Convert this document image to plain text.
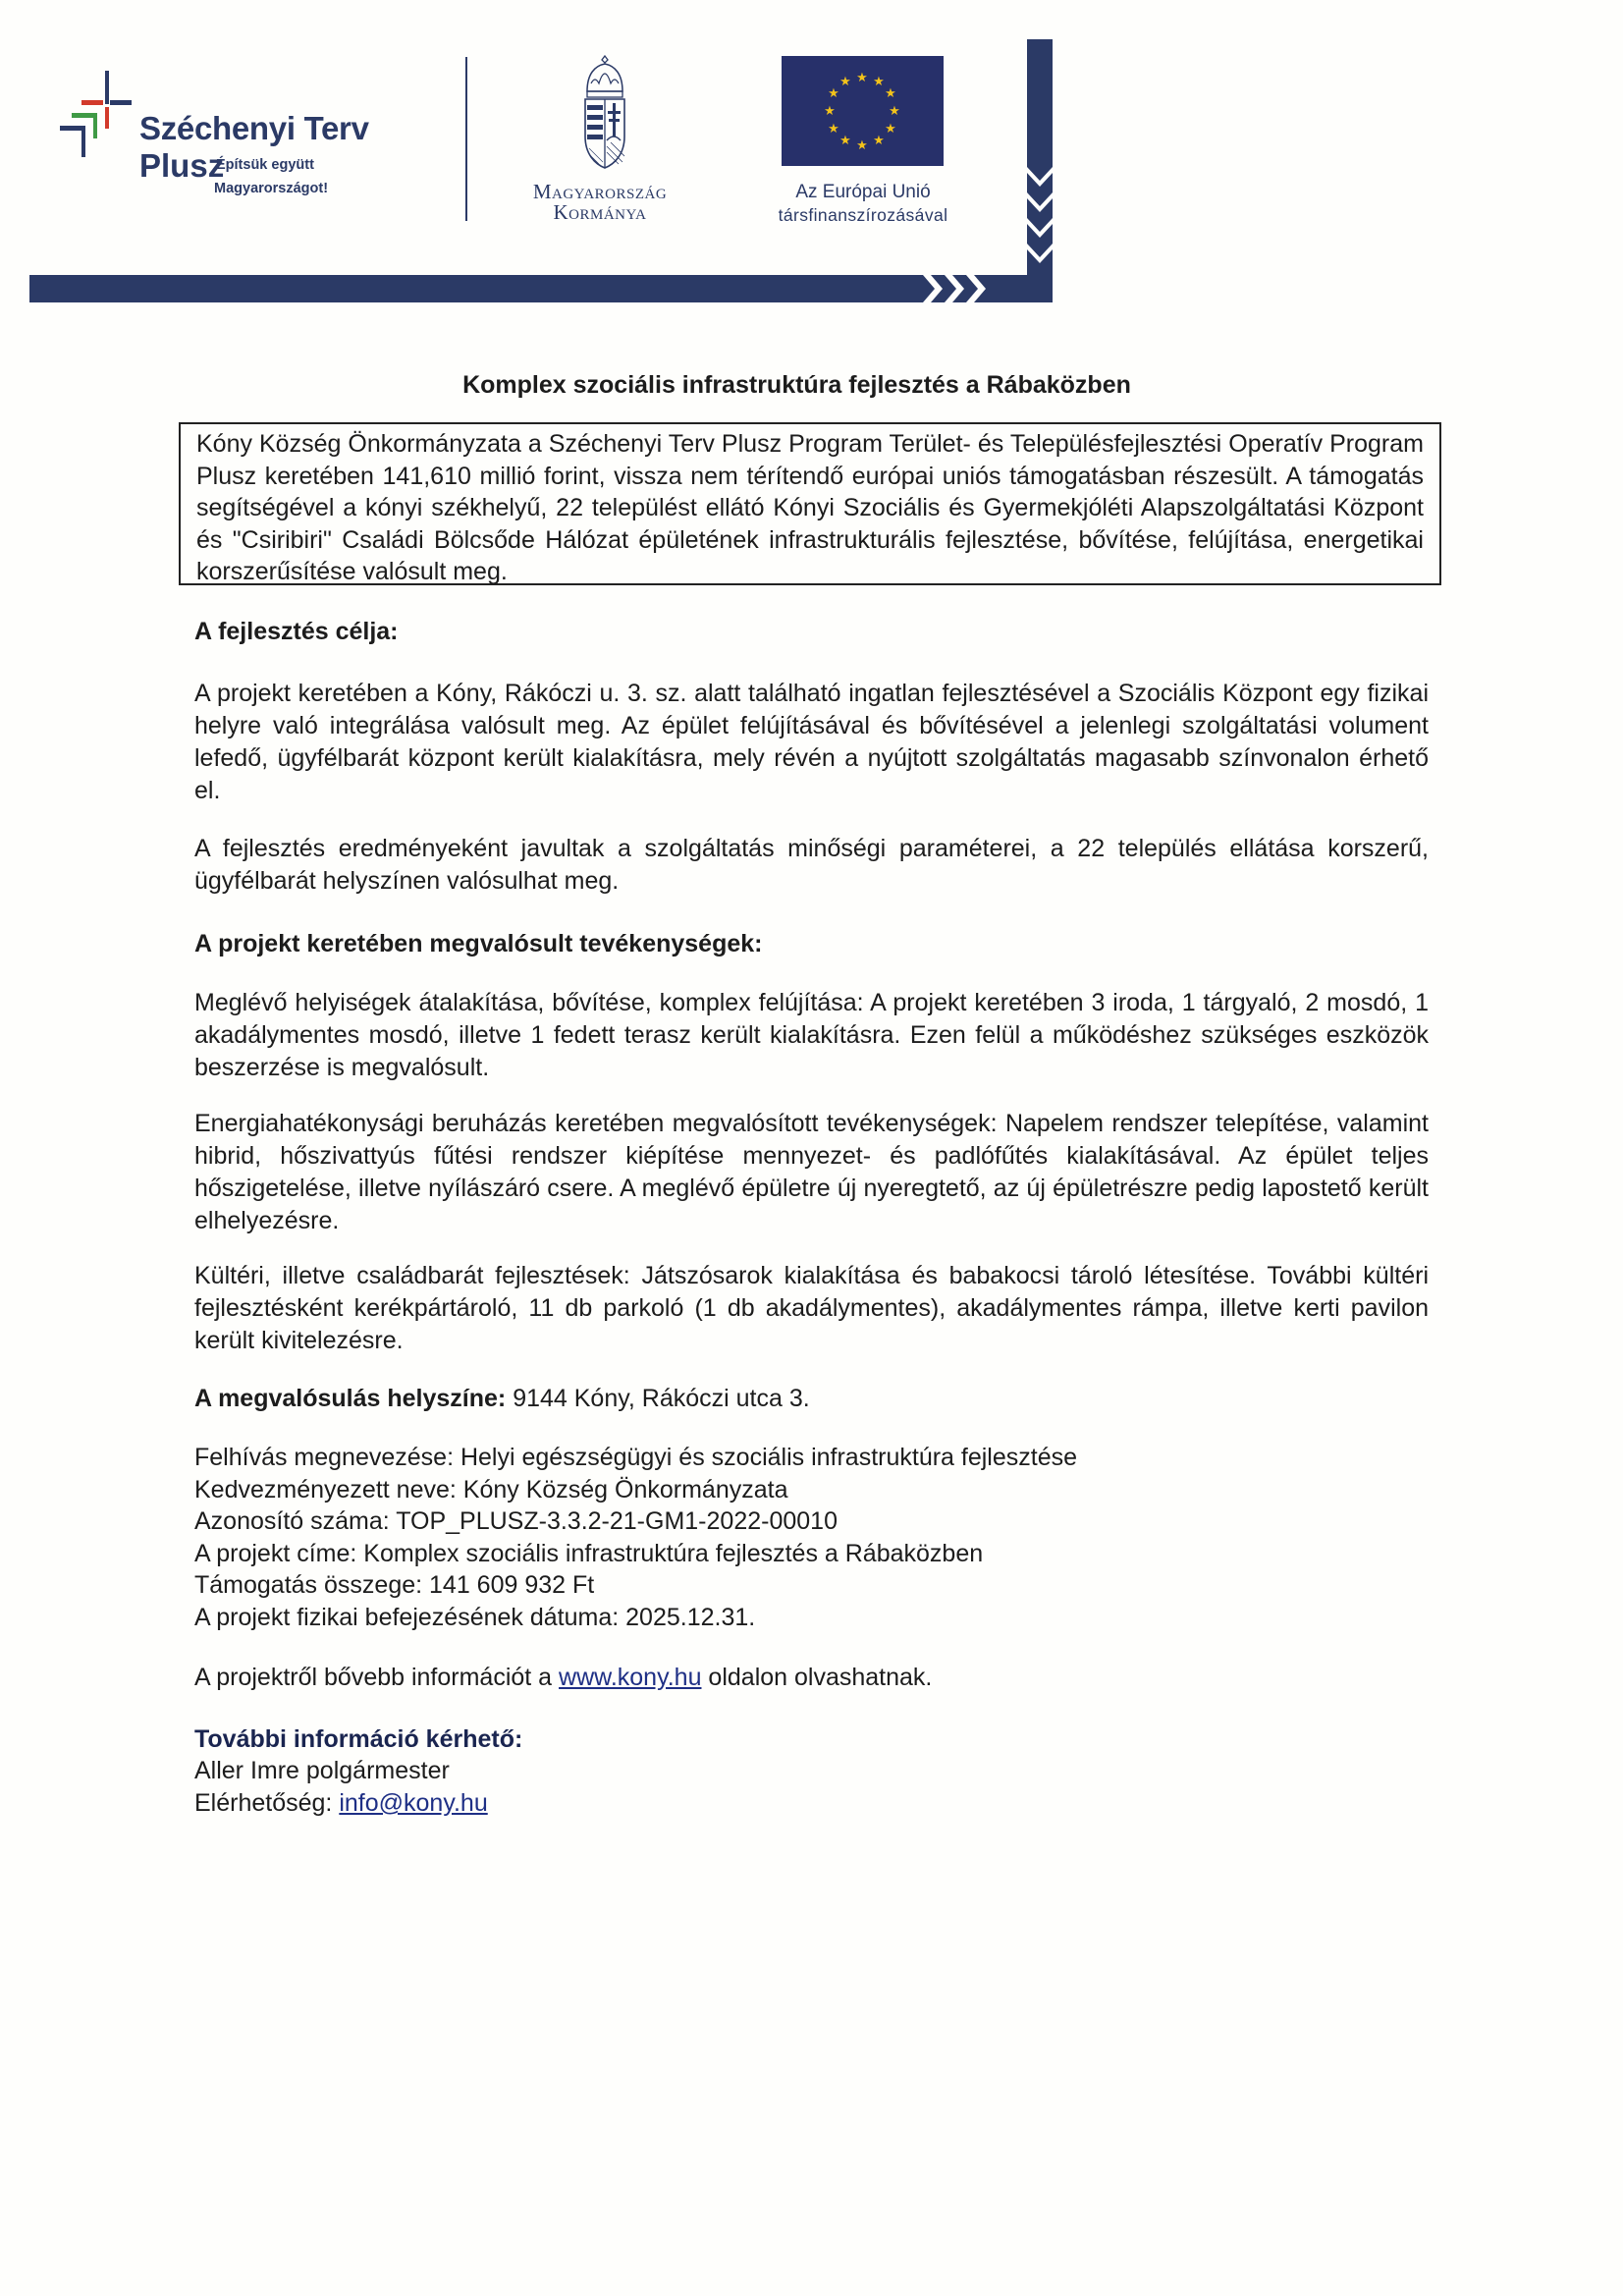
Széchenyi Terv
Plusz
Építsük együtt
Magyarországot!	Magyarország
Kormánya
★ ★
★
★
★
★
★
★
★
★
★
★
Az Európai Unió
társfinanszírozásával
Komplex szociális infrastruktúra fejlesztés a Rábaközben

Kóny Község Önkormányzata a Széchenyi Terv Plusz Program Terület- és Településfejlesztési Operatív Program Plusz keretében 141,610 millió forint, vissza nem térítendő európai uniós támogatásban részesült. A támogatás segítségével a kónyi székhelyű, 22 települést ellátó Kónyi Szociális és Gyermekjóléti Alapszolgáltatási Központ és "Csiribiri" Családi Bölcsőde Hálózat épületének infrastrukturális fejlesztése, bővítése, felújítása, energetikai korszerűsítése valósult meg.

A fejlesztés célja:

A projekt keretében a Kóny, Rákóczi u. 3. sz. alatt található ingatlan fejlesztésével a Szociális Központ egy fizikai helyre való integrálása valósult meg. Az épület felújításával és bővítésével a jelenlegi szolgáltatási volument lefedő, ügyfélbarát központ került kialakításra, mely révén a nyújtott szolgáltatás magasabb színvonalon érhető el.

A fejlesztés eredményeként javultak a szolgáltatás minőségi paraméterei, a 22 település ellátása korszerű, ügyfélbarát helyszínen valósulhat meg.

A projekt keretében megvalósult tevékenységek:

Meglévő helyiségek átalakítása, bővítése, komplex felújítása: A projekt keretében 3 iroda, 1 tárgyaló, 2 mosdó, 1 akadálymentes mosdó, illetve 1 fedett terasz került kialakításra. Ezen felül a működéshez szükséges eszközök beszerzése is megvalósult.

Energiahatékonysági beruházás keretében megvalósított tevékenységek: Napelem rendszer telepítése, valamint hibrid, hőszivattyús fűtési rendszer kiépítése mennyezet- és padlófűtés kialakításával. Az épület teljes hőszigetelése, illetve nyílászáró csere. A meglévő épületre új nyeregtető, az új épületrészre pedig lapostető került elhelyezésre.

Kültéri, illetve családbarát fejlesztések: Játszósarok kialakítása és babakocsi tároló létesítése. További kültéri fejlesztésként kerékpártároló, 11 db parkoló (1 db akadálymentes), akadálymentes rámpa, illetve kerti pavilon került kivitelezésre.

A megvalósulás helyszíne: 9144 Kóny, Rákóczi utca 3.

Felhívás megnevezése: Helyi egészségügyi és szociális infrastruktúra fejlesztése
Kedvezményezett neve: Kóny Község Önkormányzata
Azonosító száma: TOP_PLUSZ-3.3.2-21-GM1-2022-00010
A projekt címe: Komplex szociális infrastruktúra fejlesztés a Rábaközben
Támogatás összege: 141 609 932 Ft
A projekt fizikai befejezésének dátuma: 2025.12.31.

A projektről bővebb információt a www.kony.hu oldalon olvashatnak.

További információ kérhető:

Aller Imre polgármester

Elérhetőség: info@kony.hu
